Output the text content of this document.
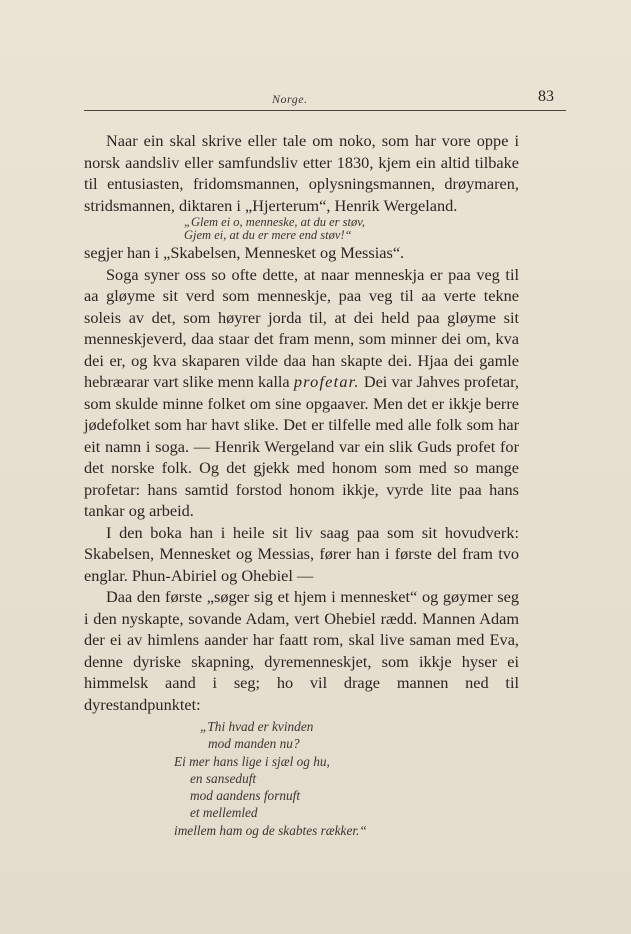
Norge.	83

Naar ein skal skrive eller tale om noko, som har vore oppe i norsk aandsliv eller samfundsliv etter 1830, kjem ein altid tilbake til entusiasten, fridomsmannen, oplysningsmannen, drøymaren, stridsmannen, diktaren i „Hjerterum“, Henrik Wergeland.

„Glem ei o, menneske, at du er støv,
Gjem ei, at du er mere end støv!“

segjer han i „Skabelsen, Mennesket og Messias“.

Soga syner oss so ofte dette, at naar menneskja er paa veg til aa gløyme sit verd som menneskje, paa veg til aa verte tekne soleis av det, som høyrer jorda til, at dei held paa gløyme sit menneskjeverd, daa staar det fram menn, som minner dei om, kva dei er, og kva skaparen vilde daa han skapte dei. Hjaa dei gamle hebræarar vart slike menn kalla profetar. Dei var Jahves profetar, som skulde minne folket om sine opgaaver. Men det er ikkje berre jødefolket som har havt slike. Det er tilfelle med alle folk som har eit namn i soga. — Henrik Wergeland var ein slik Guds profet for det norske folk. Og det gjekk med honom som med so mange profetar: hans samtid forstod honom ikkje, vyrde lite paa hans tankar og arbeid.

I den boka han i heile sit liv saag paa som sit hovudverk: Skabelsen, Mennesket og Messias, fører han i første del fram tvo englar. Phun-Abiriel og Ohebiel —

Daa den første „søger sig et hjem i mennesket“ og gøymer seg i den nyskapte, sovande Adam, vert Ohebiel rædd. Mannen Adam der ei av himlens aander har faatt rom, skal live saman med Eva, denne dyriske skapning, dyremenneskjet, som ikkje hyser ei himmelsk aand i seg; ho vil drage mannen ned til dyrestandpunktet:

„Thi hvad er kvinden
mod manden nu?
Ei mer hans lige i sjæl og hu,
en sanseduft
mod aandens fornuft
et mellemled
imellem ham og de skabtes rækker.“
